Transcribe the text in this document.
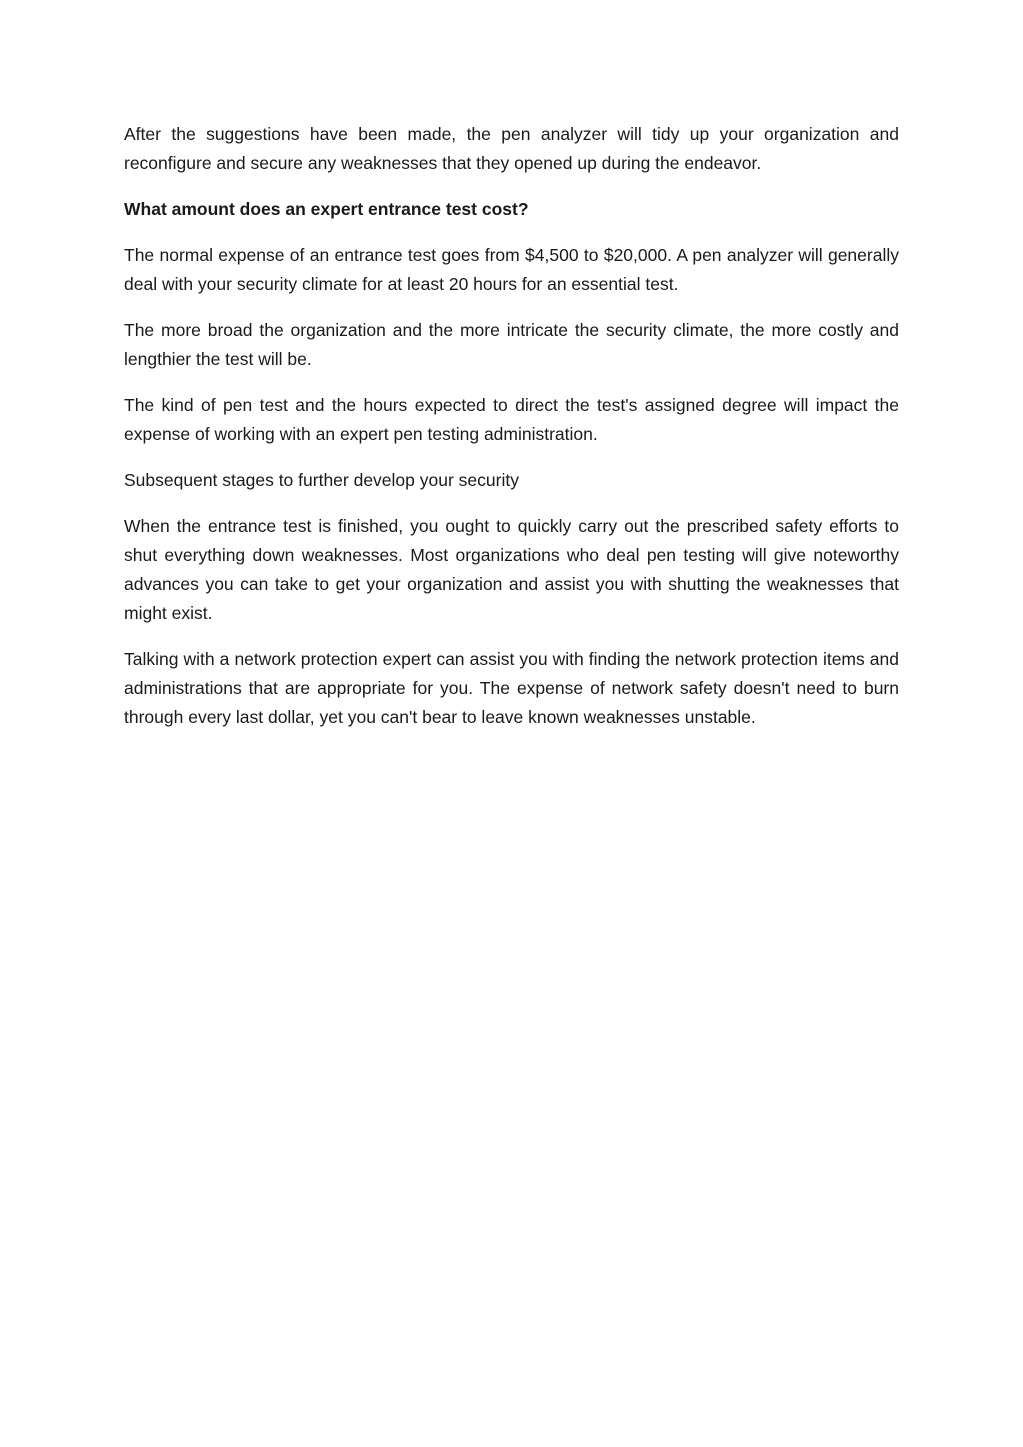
After the suggestions have been made, the pen analyzer will tidy up your organization and reconfigure and secure any weaknesses that they opened up during the endeavor.

What amount does an expert entrance test cost?

The normal expense of an entrance test goes from $4,500 to $20,000. A pen analyzer will generally deal with your security climate for at least 20 hours for an essential test.

The more broad the organization and the more intricate the security climate, the more costly and lengthier the test will be.

The kind of pen test and the hours expected to direct the test's assigned degree will impact the expense of working with an expert pen testing administration.

Subsequent stages to further develop your security

When the entrance test is finished, you ought to quickly carry out the prescribed safety efforts to shut everything down weaknesses. Most organizations who deal pen testing will give noteworthy advances you can take to get your organization and assist you with shutting the weaknesses that might exist.

Talking with a network protection expert can assist you with finding the network protection items and administrations that are appropriate for you. The expense of network safety doesn't need to burn through every last dollar, yet you can't bear to leave known weaknesses unstable.
